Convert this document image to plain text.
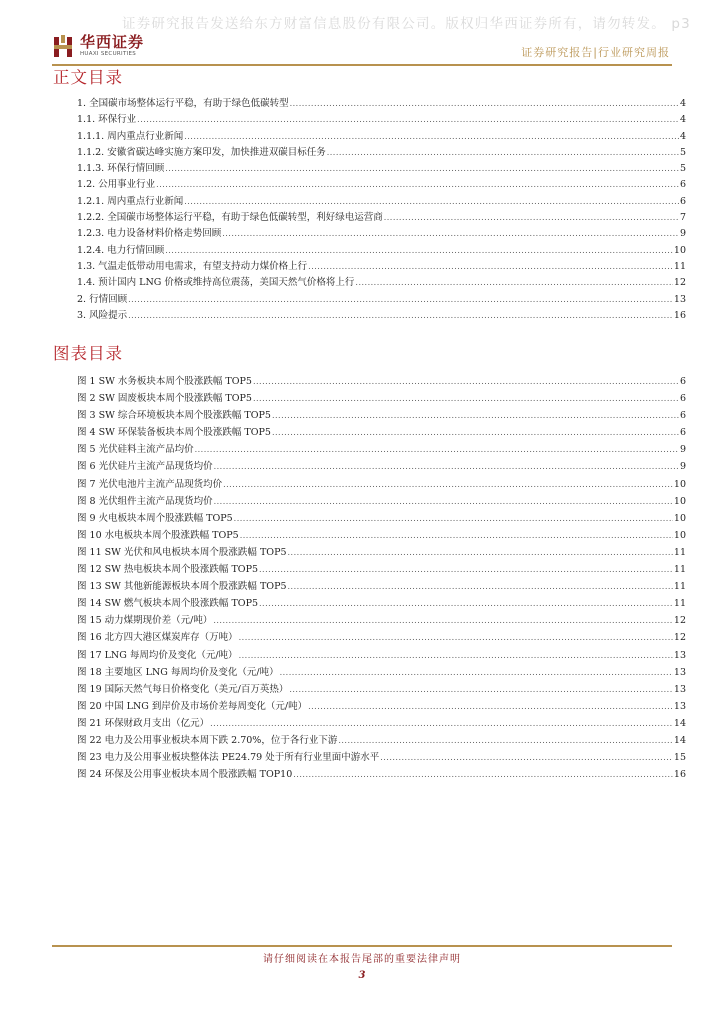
证券研究报告发送给东方财富信息股份有限公司。版权归华西证券所有，请勿转发。 p3
华西证券
HUAXI SECURITIES	证券研究报告|行业研究周报
正文目录
1. 全国碳市场整体运行平稳，有助于绿色低碳转型 .....	4
1.1. 环保行业 .....	4
1.1.1. 周内重点行业新闻 .....	4
1.1.2. 安徽省碳达峰实施方案印发，加快推进双碳目标任务 .....	5
1.1.3. 环保行情回顾 .....	5
1.2. 公用事业行业 .....	6
1.2.1. 周内重点行业新闻 .....	6
1.2.2. 全国碳市场整体运行平稳，有助于绿色低碳转型，利好绿电运营商 .....	7
1.2.3. 电力设备材料价格走势回顾 .....	9
1.2.4. 电力行情回顾 .....	10
1.3. 气温走低带动用电需求，有望支持动力煤价格上行 .....	11
1.4. 预计国内 LNG 价格或维持高位震荡，美国天然气价格将上行 .....	12
2. 行情回顾 .....	13
3. 风险提示 .....	16
图表目录
图 1 SW 水务板块本周个股涨跌幅 TOP5 .....	6
图 2 SW 固废板块本周个股涨跌幅 TOP5 .....	6
图 3 SW 综合环境板块本周个股涨跌幅 TOP5 .....	6
图 4 SW 环保装备板块本周个股涨跌幅 TOP5 .....	6
图 5 光伏硅料主流产品均价 .....	9
图 6 光伏硅片主流产品现货均价 .....	9
图 7 光伏电池片主流产品现货均价 .....	10
图 8 光伏组件主流产品现货均价 .....	10
图 9 火电板块本周个股涨跌幅 TOP5 .....	10
图 10 水电板块本周个股涨跌幅 TOP5 .....	10
图 11 SW 光伏和风电板块本周个股涨跌幅 TOP5 .....	11
图 12 SW 热电板块本周个股涨跌幅 TOP5 .....	11
图 13 SW 其他新能源板块本周个股涨跌幅 TOP5 .....	11
图 14 SW 燃气板块本周个股涨跌幅 TOP5 .....	11
图 15 动力煤期现价差（元/吨） .....	12
图 16 北方四大港区煤炭库存（万吨） .....	12
图 17 LNG 每周均价及变化（元/吨） .....	13
图 18 主要地区 LNG 每周均价及变化（元/吨） .....	13
图 19 国际天然气每日价格变化（美元/百万英热） .....	13
图 20 中国 LNG 到岸价及市场价差每周变化（元/吨） .....	13
图 21 环保财政月支出（亿元） .....	14
图 22 电力及公用事业板块本周下跌 2.70%，位于各行业下游 .....	14
图 23 电力及公用事业板块整体法 PE24.79 处于所有行业里面中游水平 .....	15
图 24 环保及公用事业板块本周个股涨跌幅 TOP10 .....	16
请仔细阅读在本报告尾部的重要法律声明
3
